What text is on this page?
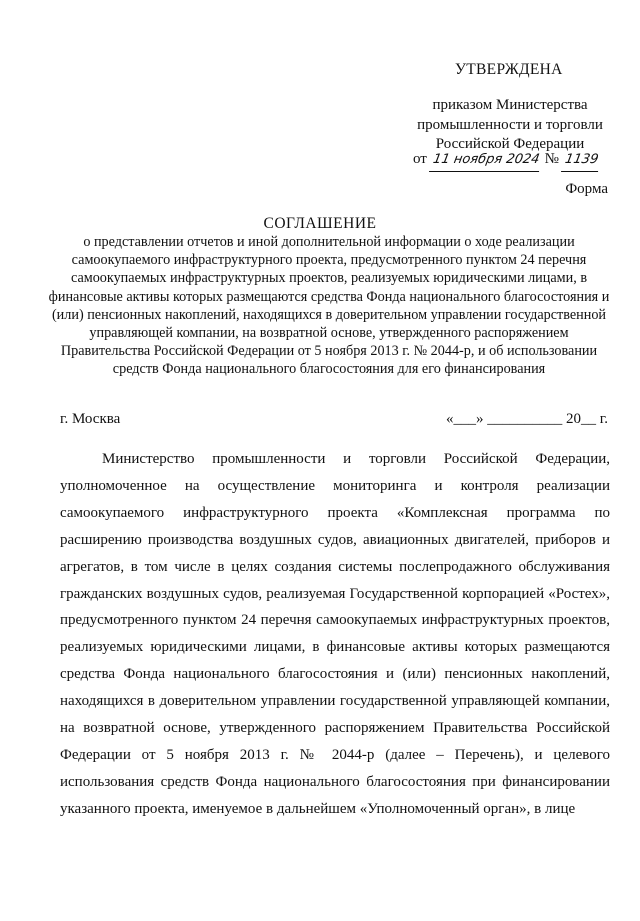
УТВЕРЖДЕНА
приказом Министерства
промышленности и торговли
Российской Федерации
от 11 ноября 2024 № 1139
Форма
СОГЛАШЕНИЕ
о представлении отчетов и иной дополнительной информации о ходе реализации самоокупаемого инфраструктурного проекта, предусмотренного пунктом 24 перечня самоокупаемых инфраструктурных проектов, реализуемых юридическими лицами, в финансовые активы которых размещаются средства Фонда национального благосостояния и (или) пенсионных накоплений, находящихся в доверительном управлении государственной управляющей компании, на возвратной основе, утвержденного распоряжением Правительства Российской Федерации от 5 ноября 2013 г. № 2044-р, и об использовании средств Фонда национального благосостояния для его финансирования
г. Москва	«___» __________ 20__ г.
Министерство промышленности и торговли Российской Федерации, уполномоченное на осуществление мониторинга и контроля реализации самоокупаемого инфраструктурного проекта «Комплексная программа по расширению производства воздушных судов, авиационных двигателей, приборов и агрегатов, в том числе в целях создания системы послепродажного обслуживания гражданских воздушных судов, реализуемая Государственной корпорацией «Ростех», предусмотренного пунктом 24 перечня самоокупаемых инфраструктурных проектов, реализуемых юридическими лицами, в финансовые активы которых размещаются средства Фонда национального благосостояния и (или) пенсионных накоплений, находящихся в доверительном управлении государственной управляющей компании, на возвратной основе, утвержденного распоряжением Правительства Российской Федерации от 5 ноября 2013 г. № 2044-р (далее – Перечень), и целевого использования средств Фонда национального благосостояния при финансировании указанного проекта, именуемое в дальнейшем «Уполномоченный орган», в лице
